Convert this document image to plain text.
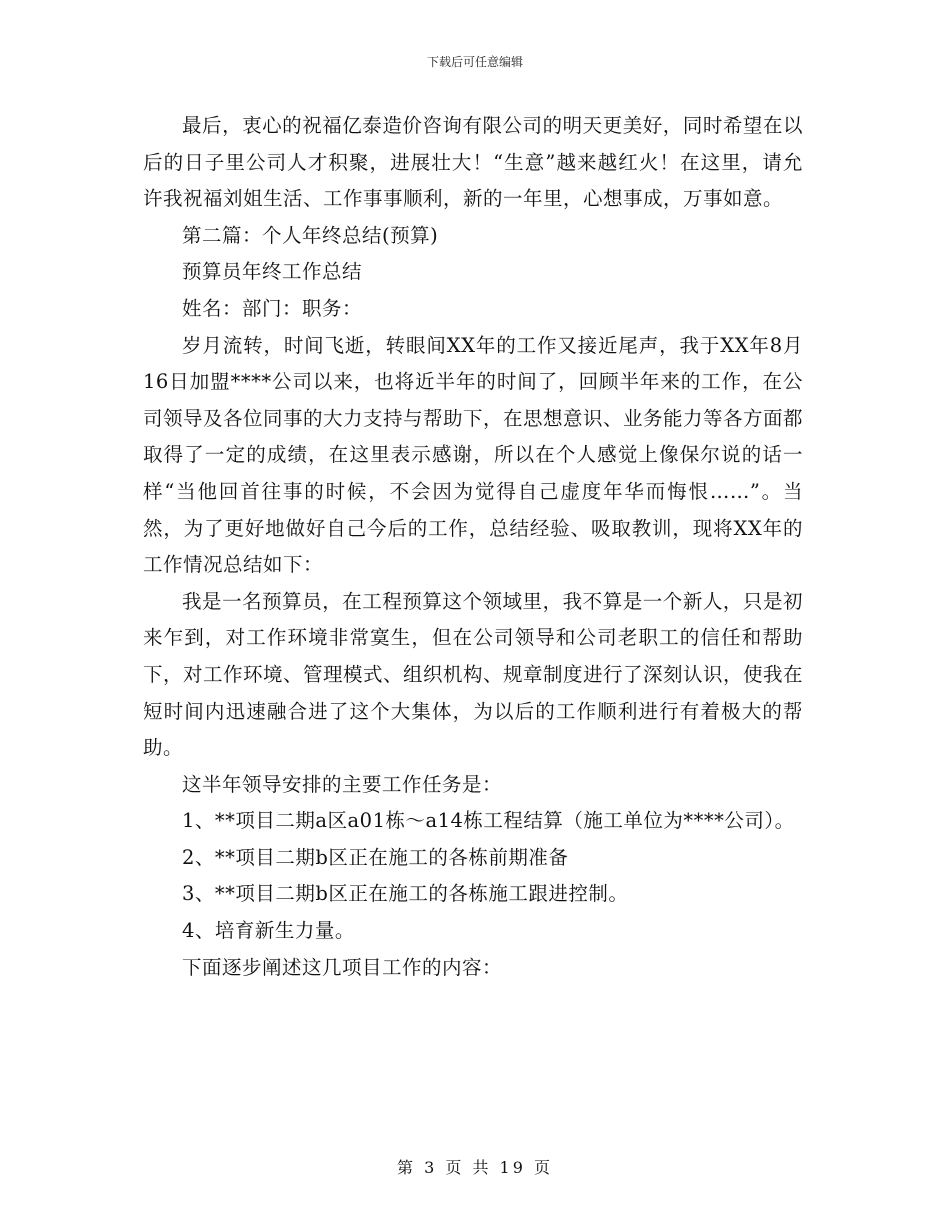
下载后可任意编辑

最后，衷心的祝福亿泰造价咨询有限公司的明天更美好，同时希望在以后的日子里公司人才积聚，进展壮大！“生意”越来越红火！在这里，请允许我祝福刘姐生活、工作事事顺利，新的一年里，心想事成，万事如意。

第二篇：个人年终总结(预算)

预算员年终工作总结

姓名：部门：职务：

岁月流转，时间飞逝，转眼间XX年的工作又接近尾声，我于XX年8月16日加盟****公司以来，也将近半年的时间了，回顾半年来的工作，在公司领导及各位同事的大力支持与帮助下，在思想意识、业务能力等各方面都取得了一定的成绩，在这里表示感谢，所以在个人感觉上像保尔说的话一样“当他回首往事的时候，不会因为觉得自己虚度年华而悔恨……”。当然，为了更好地做好自己今后的工作，总结经验、吸取教训，现将XX年的工作情况总结如下：

我是一名预算员，在工程预算这个领域里，我不算是一个新人，只是初来乍到，对工作环境非常寞生，但在公司领导和公司老职工的信任和帮助下，对工作环境、管理模式、组织机构、规章制度进行了深刻认识，使我在短时间内迅速融合进了这个大集体，为以后的工作顺利进行有着极大的帮助。

这半年领导安排的主要工作任务是：

1、**项目二期a区a01栋～a14栋工程结算（施工单位为****公司）。

2、**项目二期b区正在施工的各栋前期准备

3、**项目二期b区正在施工的各栋施工跟进控制。

4、培育新生力量。

下面逐步阐述这几项目工作的内容：

第 3 页 共 19 页
